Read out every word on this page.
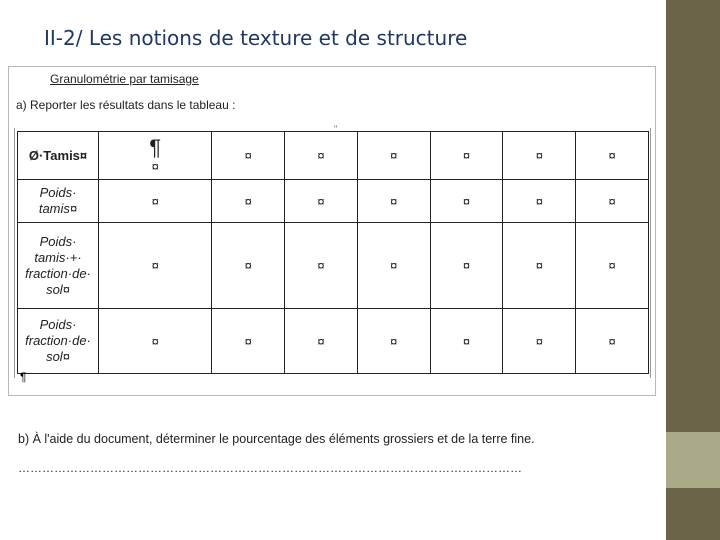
II-2/ Les notions de texture et de structure
Granulométrie par tamisage
a) Reporter les résultats dans le tableau :
"
Ø·Tamis¤	¶
¤	¤	¤	¤	¤	¤	¤
Poids·
tamis¤	¤	¤	¤	¤	¤	¤	¤
Poids·
tamis·+·
fraction·de·
sol¤	¤	¤	¤	¤	¤	¤	¤
Poids·
fraction·de·
sol¤	¤	¤	¤	¤	¤	¤	¤
¶
b) À l'aide du document, déterminer le pourcentage des éléments grossiers et de la terre fine.
………………………………………………………………………………………………………………
